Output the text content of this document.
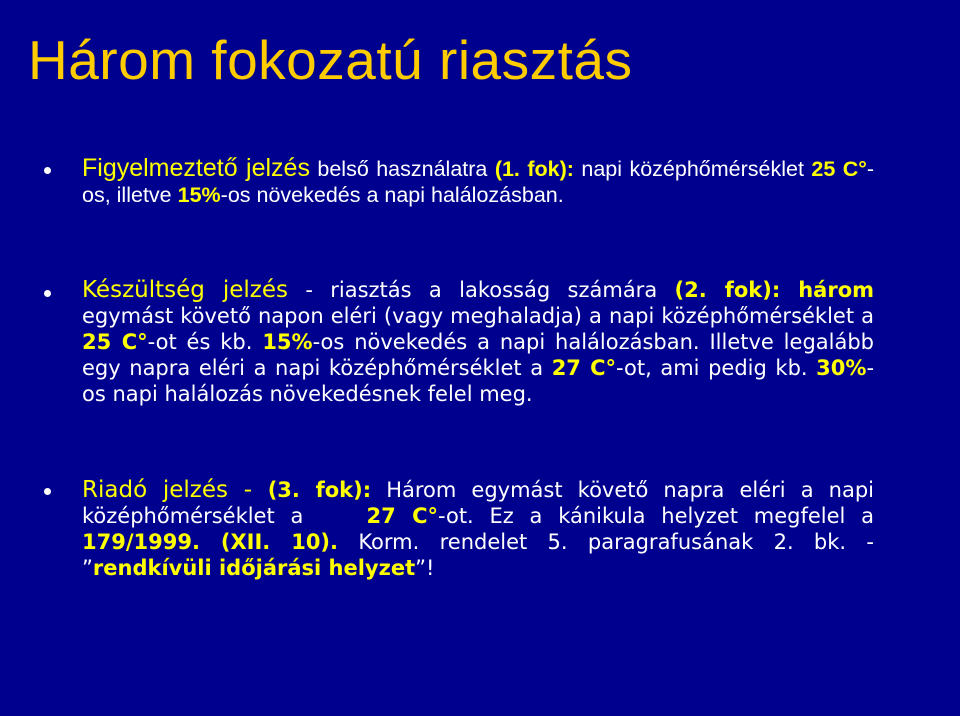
Három fokozatú riasztás
Figyelmeztető jelzés belső használatra (1. fok): napi középhőmérséklet 25 C°-os, illetve 15%-os növekedés a napi halálozásban.
Készültség jelzés - riasztás a lakosság számára (2. fok): három egymást követő napon eléri (vagy meghaladja) a napi középhőmérséklet a 25 C°-ot és kb. 15%-os növekedés a napi halálozásban. Illetve legalább egy napra eléri a napi középhőmérséklet a 27 C°-ot, ami pedig kb. 30%-os napi halálozás növekedésnek felel meg.
Riadó jelzés - (3. fok): Három egymást követő napra eléri a napi középhőmérséklet a    27 C°-ot. Ez a kánikula helyzet megfelel a 179/1999. (XII. 10). Korm. rendelet 5. paragrafusának 2. bk. - ”rendkívüli időjárási helyzet”!
